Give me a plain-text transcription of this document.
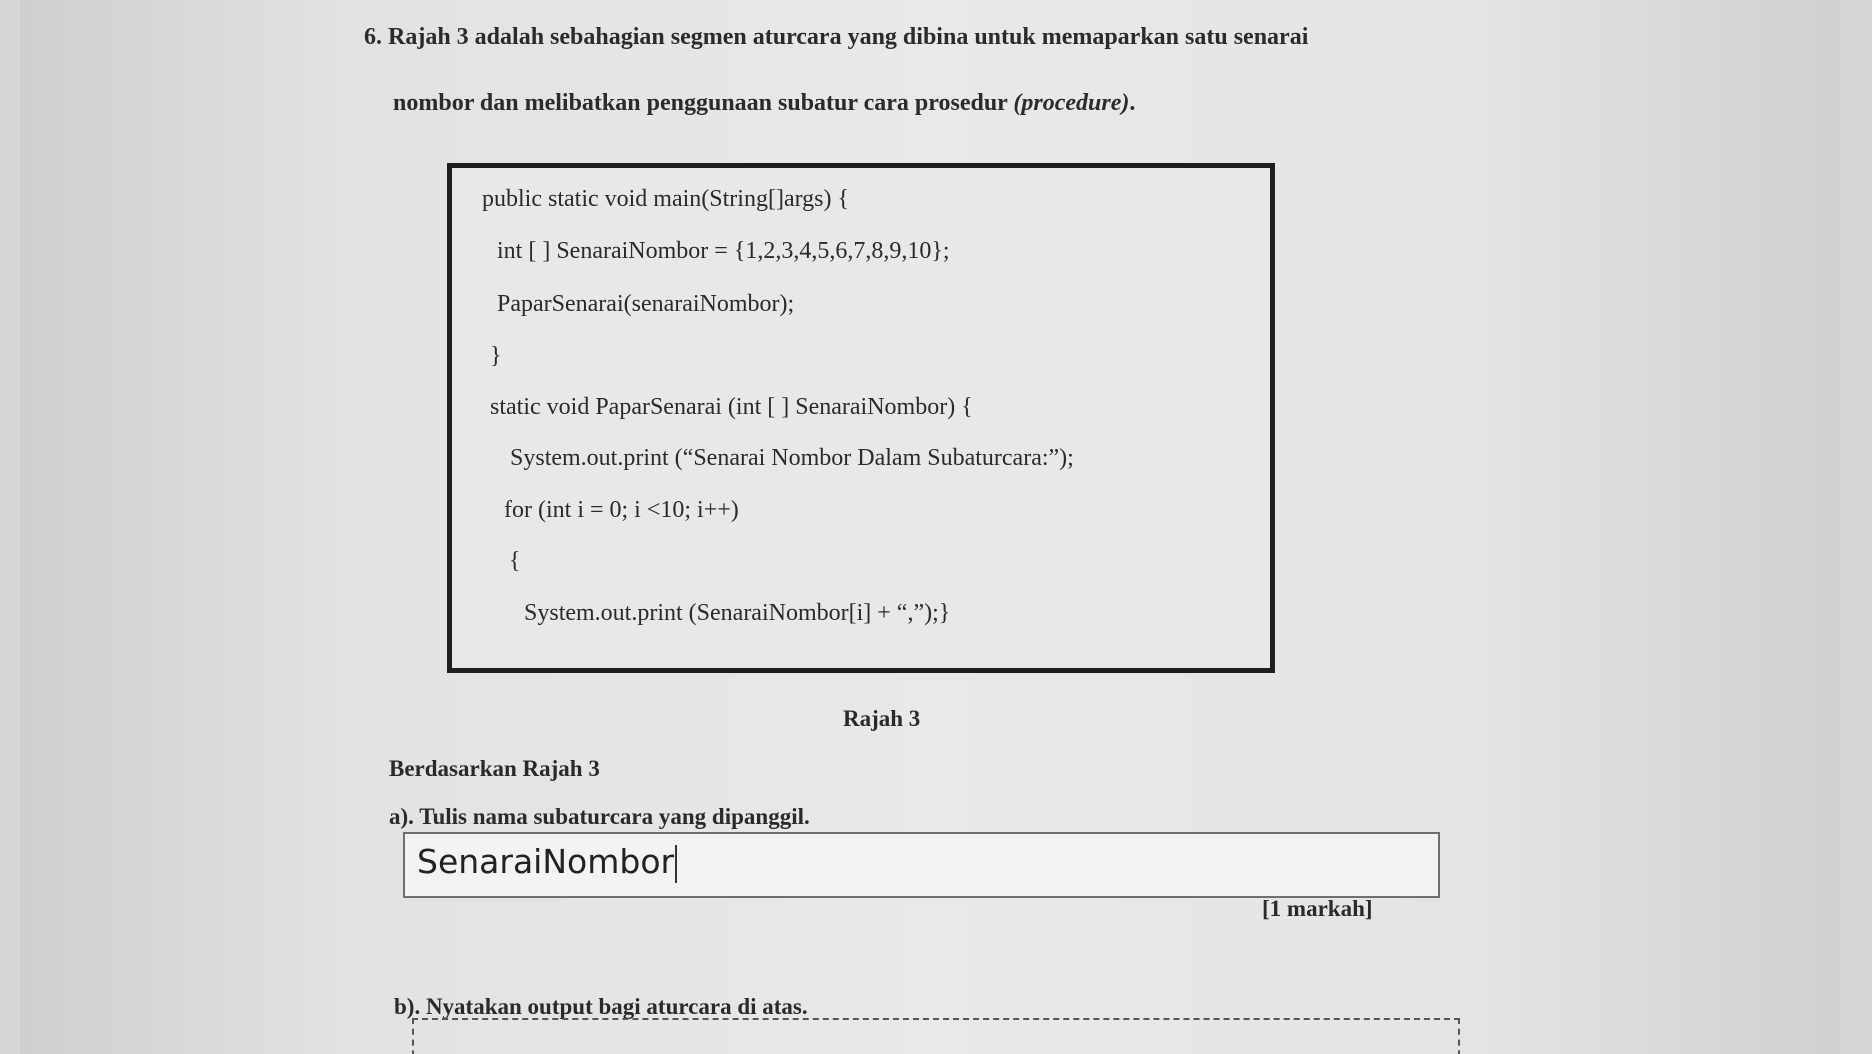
6. Rajah 3 adalah sebahagian segmen aturcara yang dibina untuk memaparkan satu senarai
nombor dan melibatkan penggunaan subatur cara prosedur (procedure).
public static void main(String[]args) {
int [ ] SenaraiNombor = {1,2,3,4,5,6,7,8,9,10};
PaparSenarai(senaraiNombor);
}
static void PaparSenarai (int [ ] SenaraiNombor) {
System.out.print (“Senarai Nombor Dalam Subaturcara:”);
for (int i = 0; i <10; i++)
{
System.out.print (SenaraiNombor[i] + “,”);}
Rajah 3
Berdasarkan Rajah 3
a). Tulis nama subaturcara yang dipanggil.
SenaraiNombor
[1 markah]
b). Nyatakan output bagi aturcara di atas.
